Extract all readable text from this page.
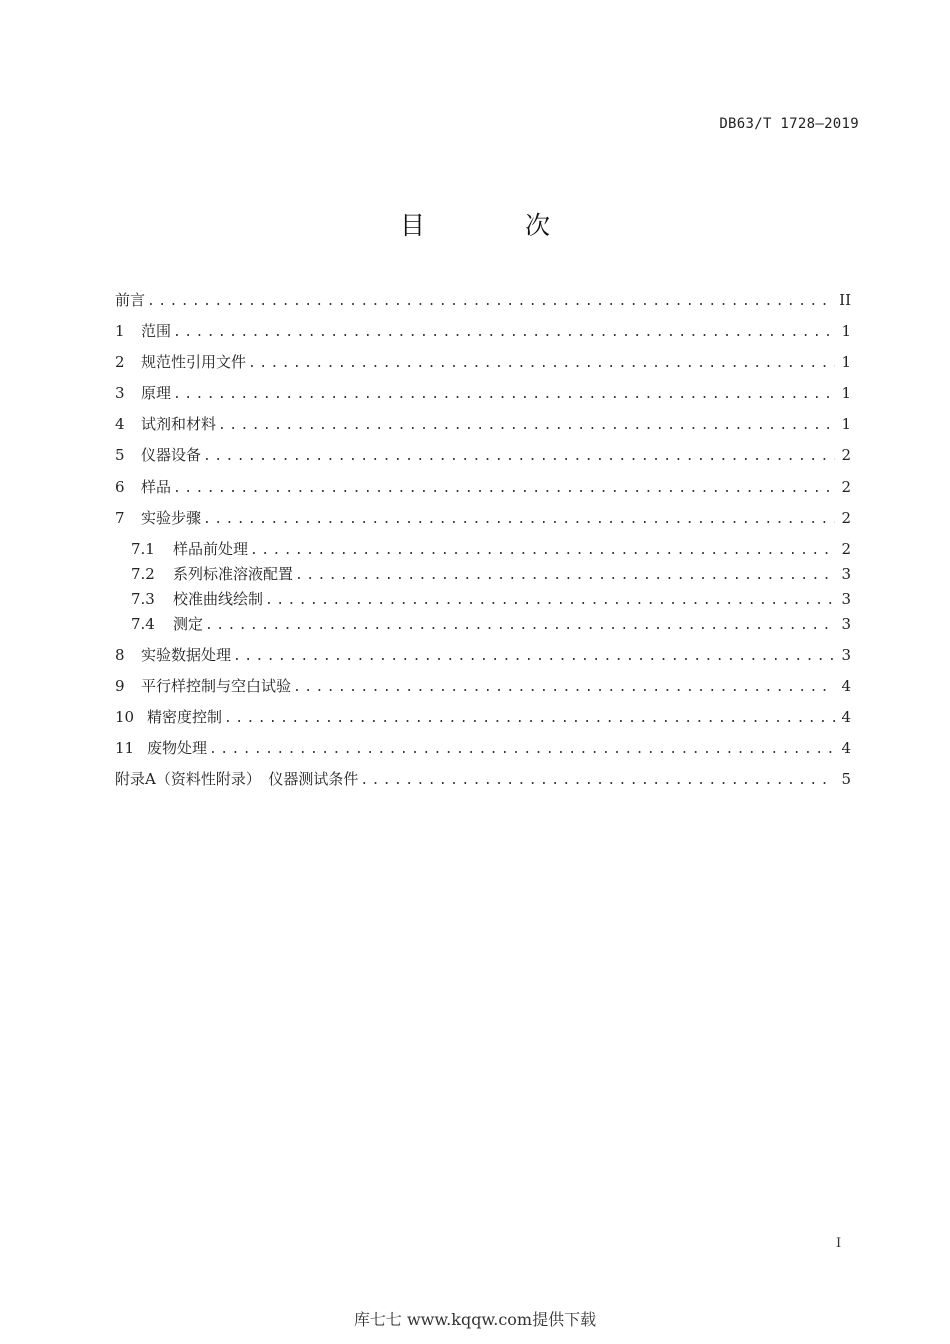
DB63/T 1728—2019
目 次
前言 .....	II
1	范围 .....	1
2	规范性引用文件 .....	1
3	原理 .....	1
4	试剂和材料 .....	1
5	仪器设备 .....	2
6	样品 .....	2
7	实验步骤 .....	2
7.1	样品前处理 .....	2
7.2	系列标准溶液配置 .....	3
7.3	校准曲线绘制 .....	3
7.4	测定 .....	3
8	实验数据处理 .....	3
9	平行样控制与空白试验 .....	4
10 精密度控制 .....	4
11 废物处理 .....	4
附录A（资料性附录）　仪器测试条件 .....	5
I
库七七 www.kqqw.com提供下载
